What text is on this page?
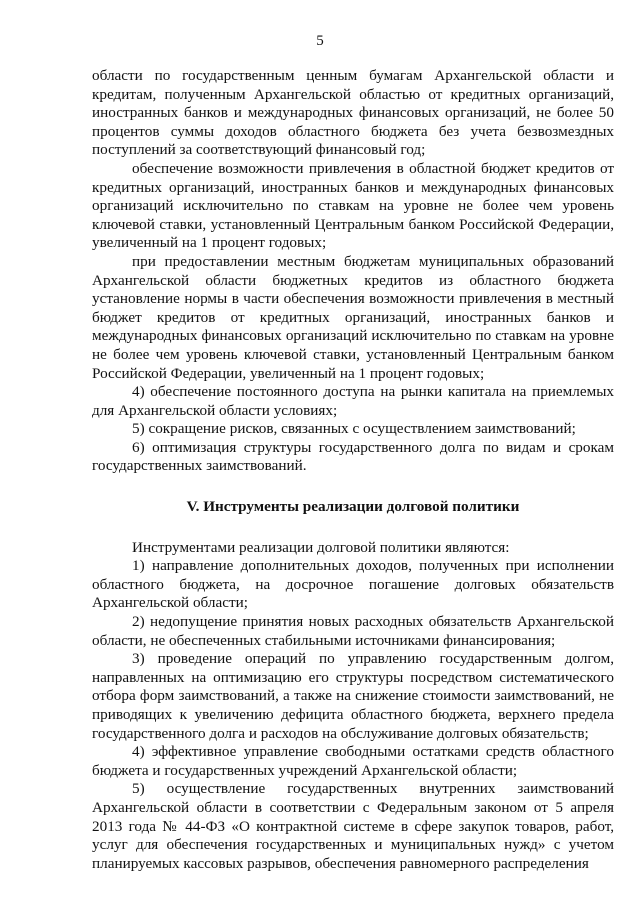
5

области по государственным ценным бумагам Архангельской области и кредитам, полученным Архангельской областью от кредитных организаций, иностранных банков и международных финансовых организаций, не более 50 процентов суммы доходов областного бюджета без учета безвозмездных поступлений за соответствующий финансовый год;

обеспечение возможности привлечения в областной бюджет кредитов от кредитных организаций, иностранных банков и международных финансовых организаций исключительно по ставкам на уровне не более чем уровень ключевой ставки, установленный Центральным банком Российской Федерации, увеличенный на 1 процент годовых;

при предоставлении местным бюджетам муниципальных образований Архангельской области бюджетных кредитов из областного бюджета установление нормы в части обеспечения возможности привлечения в местный бюджет кредитов от кредитных организаций, иностранных банков и международных финансовых организаций исключительно по ставкам на уровне не более чем уровень ключевой ставки, установленный Центральным банком Российской Федерации, увеличенный на 1 процент годовых;

4) обеспечение постоянного доступа на рынки капитала на приемлемых для Архангельской области условиях;

5) сокращение рисков, связанных с осуществлением заимствований;

6) оптимизация структуры государственного долга по видам и срокам государственных заимствований.

V. Инструменты реализации долговой политики

Инструментами реализации долговой политики являются:

1) направление дополнительных доходов, полученных при исполнении областного бюджета, на досрочное погашение долговых обязательств Архангельской области;

2) недопущение принятия новых расходных обязательств Архангельской области, не обеспеченных стабильными источниками финансирования;

3) проведение операций по управлению государственным долгом, направленных на оптимизацию его структуры посредством систематического отбора форм заимствований, а также на снижение стоимости заимствований, не приводящих к увеличению дефицита областного бюджета, верхнего предела государственного долга и расходов на обслуживание долговых обязательств;

4) эффективное управление свободными остатками средств областного бюджета и государственных учреждений Архангельской области;

5) осуществление государственных внутренних заимствований Архангельской области в соответствии с Федеральным законом от 5 апреля 2013 года № 44-ФЗ «О контрактной системе в сфере закупок товаров, работ, услуг для обеспечения государственных и муниципальных нужд» с учетом планируемых кассовых разрывов, обеспечения равномерного распределения
